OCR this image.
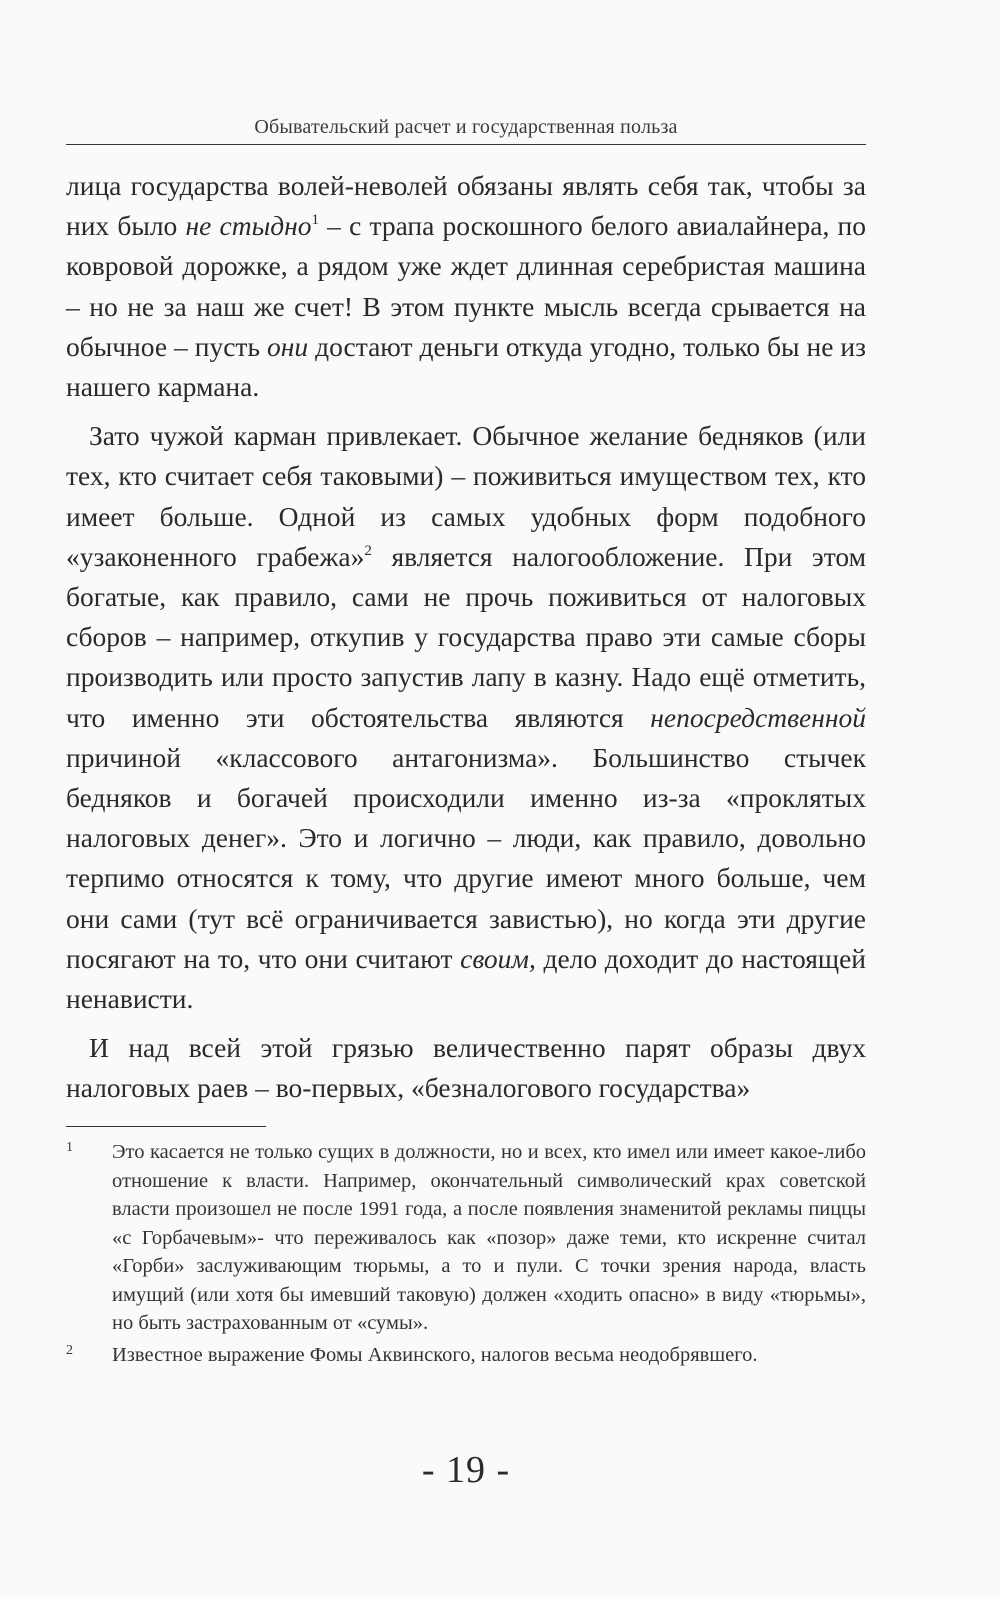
Обывательский расчет и государственная польза

лица государства волей-неволей обязаны являть себя так, чтобы за них было не стыдно$^1$ – с трапа роскошного белого авиалайнера, по ковровой дорожке, а рядом уже ждет длинная серебристая машина – но не за наш же счет! В этом пункте мысль всегда срывается на обычное – пусть они достают деньги откуда угодно, только бы не из нашего кармана.

Зато чужой карман привлекает. Обычное желание бедняков (или тех, кто считает себя таковыми) – поживиться имуществом тех, кто имеет больше. Одной из самых удобных форм подобного «узаконенного грабежа»$^2$ является налогообложение. При этом богатые, как правило, сами не прочь поживиться от налоговых сборов – например, откупив у государства право эти самые сборы производить или просто запустив лапу в казну. Надо ещё отметить, что именно эти обстоятельства являются непосредственной причиной «классового антагонизма». Большинство стычек бедняков и богачей происходили именно из-за «проклятых налоговых денег». Это и логично – люди, как правило, довольно терпимо относятся к тому, что другие имеют много больше, чем они сами (тут всё ограничивается завистью), но когда эти другие посягают на то, что они считают своим, дело доходит до настоящей ненависти.

И над всей этой грязью величественно парят образы двух налоговых раев – во-первых, «безналогового государства»

1 Это касается не только сущих в должности, но и всех, кто имел или имеет какое-либо отношение к власти. Например, окончательный символический крах советской власти произошел не после 1991 года, а после появления знаменитой рекламы пиццы «с Горбачевым»- что переживалось как «позор» даже теми, кто искренне считал «Горби» заслуживающим тюрьмы, а то и пули. С точки зрения народа, власть имущий (или хотя бы имевший таковую) должен «ходить опасно» в виду «тюрьмы», но быть застрахованным от «сумы».
2 Известное выражение Фомы Аквинского, налогов весьма неодобрявшего.
- 19 -
